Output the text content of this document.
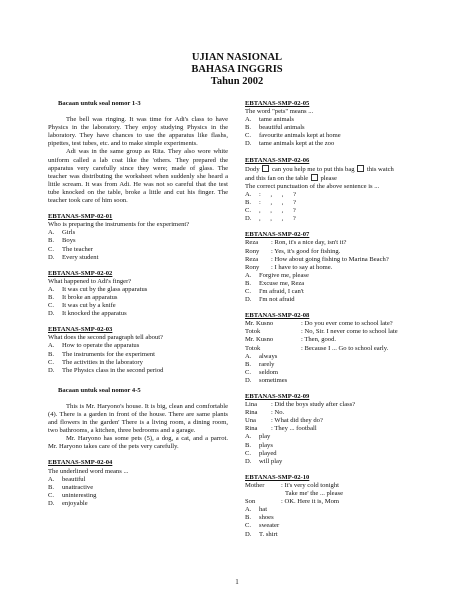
UJIAN NASIONAL
BAHASA INGGRIS
Tahun 2002
Bacaan untuk soal nomor 1-3

The bell was ringing. It was time for Adi's class to have Physics in the laboratory. They enjoy studying Physics in the laboratory. They have chances to use the apparatus like flashs, pipettes, test tubes, etc. and to make simple experiments.

Adi was in the same group as Rita. They also wore white uniform called a lab coat like the 'others. They prepared the apparatus very carefully since they were; made of glass. The teacher was distributing the worksheet when suddenly she heard a little scream. It was from Adi. He was not so careful that the test tube knocked on the table, broke a little and cut his finger. The teacher took care of him soon.

EBTANAS-SMP-02-01
Who is preparing the instruments for the experiment?
A.	Girls
B.	Boys
C.	The teacher
D.	Every student
EBTANAS-SMP-02-02
What happened to Adi's finger?
A.	It was cut by the glass apparatus
B.	It broke an apparatus
C.	It was cut by a knife
D.	It knocked the apparatus
EBTANAS-SMP-02-03
What does the second paragraph tell about?
A.	How to operate the apparatus
B.	The instruments for the experiment
C.	The activities in the laboratory
D.	The Physics class in the second period
Bacaan untuk soal nomor 4-5

This is Mr. Haryono's house. It is big, clean and comfortable (4). There is a garden in front of the house. There are same plants and flowers in the garden' There is a living room, a dining room, two bathrooms, a kitchen, three bedrooms and a garage.

Mr. Haryono has some pets (5), a dog, a cat, and a parrot. Mr. Haryono takes care of the pets very carefully.

EBTANAS-SMP-02-04
The underlined word means ...
A.	beautiful
B.	unattractive
C.	uninteresting
D.	enjoyable
EBTANAS-SMP-02-05
The word "pets" means ...
A.	tame animals
B.	beautiful animals
C.	favourite animals kept at home
D.	tame animals kept at the zoo
EBTANAS-SMP-02-06
Dody can you help me to put this bag this watch
and this fan on the table please
The correct punctuation of the above sentence is ...
A.	: , , ?
B.	: , , ?
C.	, , , ?
D.	, , , ?
EBTANAS-SMP-02-07
Reza	: Ron, it's a nice day, isn't it?
Rony	: Yes, it's good for fishing.
Reza	: How about going fishing to Marina Beach?
Rony	: I have to say at home.
A.	Forgive me, please
B.	Excuse me, Reza
C.	I'm afraid, I can't
D.	I'm not afraid
EBTANAS-SMP-02-08
Mr. Kusno	: Do you ever come to school late?
Totok	: No, Sir. I never come to school late
Mr. Kusno	: Then, good.
Totok	: Because I ... Go to school early.
A.	always
B.	rarely
C.	seldom
D.	sometimes
EBTANAS-SMP-02-09
Lina	: Did the boys study after class?
Rina	: No.
Una	: What did they do?
Rina	: They ... football
A.	play
B.	plays
C.	played
D.	will play
EBTANAS-SMP-02-10
Mother	: It's very cold tonight
Take me' the ... please
Son	: OK. Here it is, Mom
A.	hat
B.	shoes
C.	sweater
D.	T. shirt
1
